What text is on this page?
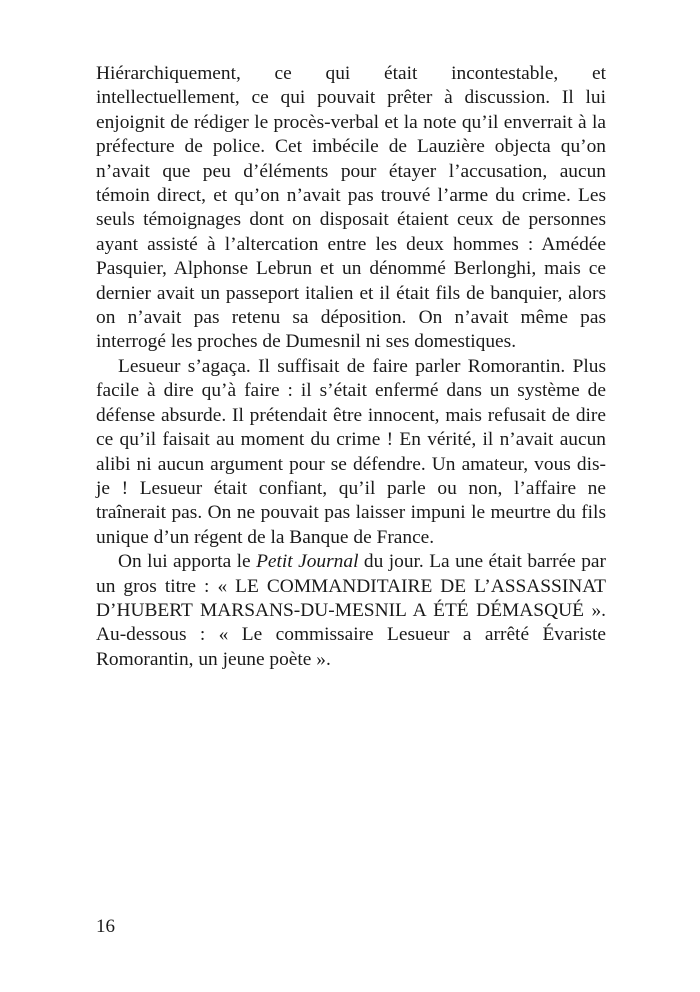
Hiérarchiquement, ce qui était incontestable, et intellectuellement, ce qui pouvait prêter à discussion. Il lui enjoignit de rédiger le procès-verbal et la note qu’il enverrait à la préfecture de police. Cet imbécile de Lauzière objecta qu’on n’avait que peu d’éléments pour étayer l’accusation, aucun témoin direct, et qu’on n’avait pas trouvé l’arme du crime. Les seuls témoignages dont on disposait étaient ceux de personnes ayant assisté à l’altercation entre les deux hommes : Amédée Pasquier, Alphonse Lebrun et un dénommé Berlonghi, mais ce dernier avait un passeport italien et il était fils de banquier, alors on n’avait pas retenu sa déposition. On n’avait même pas interrogé les proches de Dumesnil ni ses domestiques.

Lesueur s’agaça. Il suffisait de faire parler Romorantin. Plus facile à dire qu’à faire : il s’était enfermé dans un système de défense absurde. Il prétendait être innocent, mais refusait de dire ce qu’il faisait au moment du crime ! En vérité, il n’avait aucun alibi ni aucun argument pour se défendre. Un amateur, vous dis-je ! Lesueur était confiant, qu’il parle ou non, l’affaire ne traînerait pas. On ne pouvait pas laisser impuni le meurtre du fils unique d’un régent de la Banque de France.

On lui apporta le Petit Journal du jour. La une était barrée par un gros titre : « LE COMMANDITAIRE DE L’ASSASSINAT D’HUBERT MARSANS-DU-MESNIL A ÉTÉ DÉMASQUÉ ». Au-dessous : « Le commissaire Lesueur a arrêté Évariste Romorantin, un jeune poète ».

16
